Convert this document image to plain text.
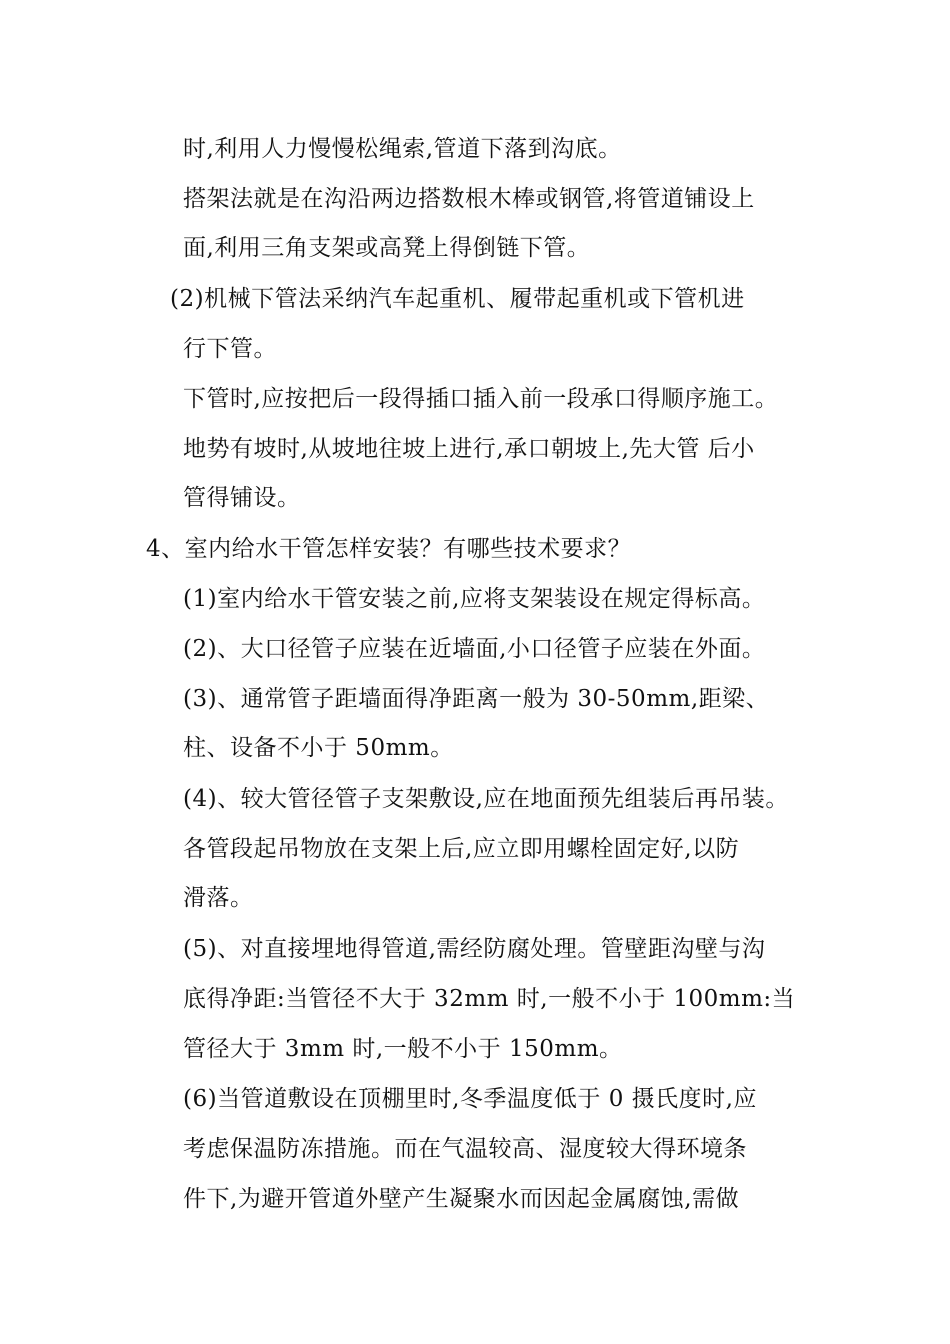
时,利用人力慢慢松绳索,管道下落到沟底。
搭架法就是在沟沿两边搭数根木棒或钢管,将管道铺设上
面,利用三角支架或高凳上得倒链下管。
(2)机械下管法采纳汽车起重机、履带起重机或下管机进
行下管。
下管时,应按把后一段得插口插入前一段承口得顺序施工。
地势有坡时,从坡地往坡上进行,承口朝坡上,先大管 后小
管得铺设。
4、室内给水干管怎样安装？有哪些技术要求？
(1)室内给水干管安装之前,应将支架装设在规定得标高。
(2)、大口径管子应装在近墙面,小口径管子应装在外面。
(3)、通常管子距墙面得净距离一般为 30-50mm,距梁、
柱、设备不小于 50mm。
(4)、较大管径管子支架敷设,应在地面预先组装后再吊装。
各管段起吊物放在支架上后,应立即用螺栓固定好,以防
滑落。
(5)、对直接埋地得管道,需经防腐处理。管壁距沟壁与沟
底得净距:当管径不大于 32mm 时,一般不小于 100mm:当
管径大于 3mm 时,一般不小于 150mm。
(6)当管道敷设在顶棚里时,冬季温度低于 0 摄氏度时,应
考虑保温防冻措施。而在气温较高、湿度较大得环境条
件下,为避开管道外壁产生凝聚水而因起金属腐蚀,需做
